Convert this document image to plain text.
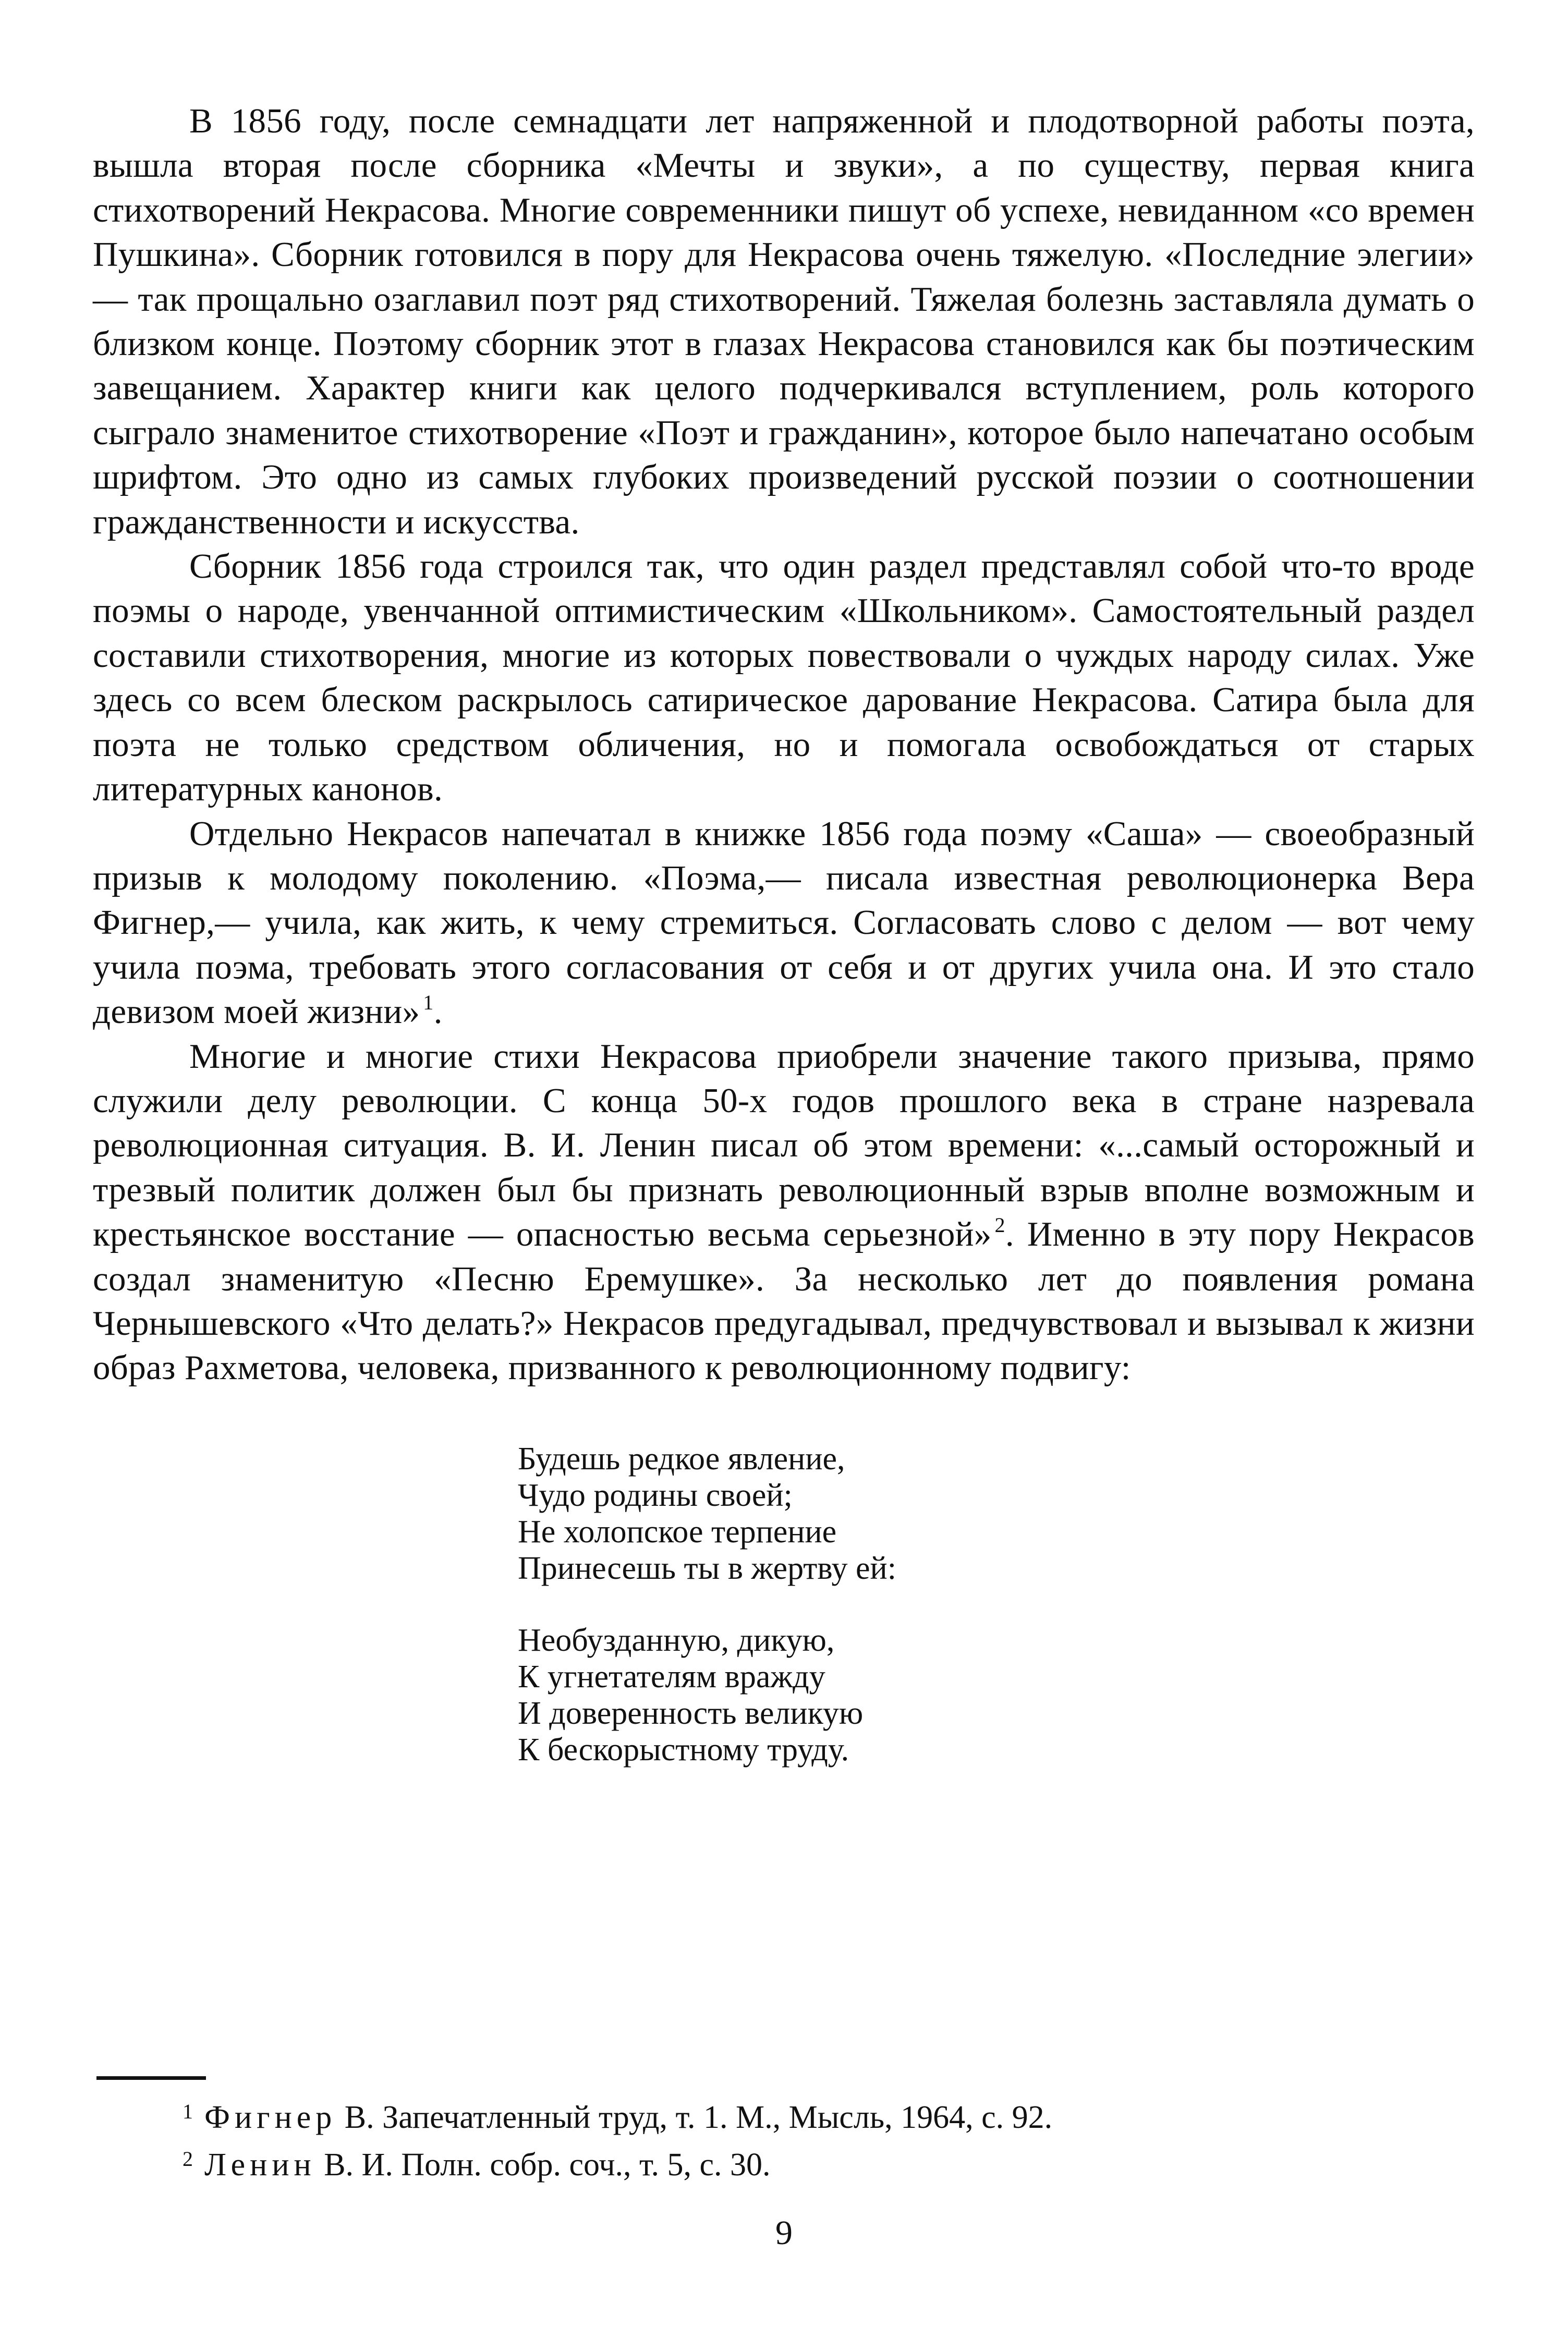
В 1856 году, после семнадцати лет напряженной и плодотворной работы поэта, вышла вторая после сборника «Мечты и звуки», а по существу, первая книга стихотворений Некрасова. Многие современники пишут об успехе, невиданном «со времен Пушкина». Сборник готовился в пору для Некрасова очень тяжелую. «Последние элегии» — так прощально озаглавил поэт ряд стихотворений. Тяжелая болезнь заставляла думать о близком конце. Поэтому сборник этот в глазах Некрасова становился как бы поэтическим завещанием. Характер книги как целого подчеркивался вступлением, роль которого сыграло знаменитое стихотворение «Поэт и гражданин», которое было напечатано особым шрифтом. Это одно из самых глубоких произведений русской поэзии о соотношении гражданственности и искусства.

Сборник 1856 года строился так, что один раздел представлял собой что-то вроде поэмы о народе, увенчанной оптимистическим «Школьником». Самостоятельный раздел составили стихотворения, многие из которых повествовали о чуждых народу силах. Уже здесь со всем блеском раскрылось сатирическое дарование Некрасова. Сатира была для поэта не только средством обличения, но и помогала освобождаться от старых литературных канонов.

Отдельно Некрасов напечатал в книжке 1856 года поэму «Саша» — своеобразный призыв к молодому поколению. «Поэма,— писала известная революционерка Вера Фигнер,— учила, как жить, к чему стремиться. Согласовать слово с делом — вот чему учила поэма, требовать этого согласования от себя и от других учила она. И это стало девизом моей жизни»  $^1$.

Многие и многие стихи Некрасова приобрели значение такого призыва, прямо служили делу революции. С конца 50-х годов прошлого века в стране назревала революционная ситуация. В. И. Ленин писал об этом времени: «...самый осторожный и трезвый политик должен был бы признать революционный взрыв вполне возможным и крестьянское восстание — опасностью весьма серьезной»  $^2$. Именно в эту пору Некрасов создал знаменитую «Песню Еремушке». За несколько лет до появления романа Чернышевского «Что делать?» Некрасов предугадывал, предчувствовал и вызывал к жизни образ Рахметова, человека, призванного к революционному подвигу:

Будешь редкое явление,
Чудо родины своей;
Не холопское терпение
Принесешь ты в жертву ей:
Необузданную, дикую,
К угнетателям вражду
И доверенность великую
К бескорыстному труду.
$^1$ Фигнер В. Запечатленный труд, т. 1. М., Мысль, 1964, с. 92.
$^2$ Ленин В. И. Полн. собр. соч., т. 5, с. 30.
9
